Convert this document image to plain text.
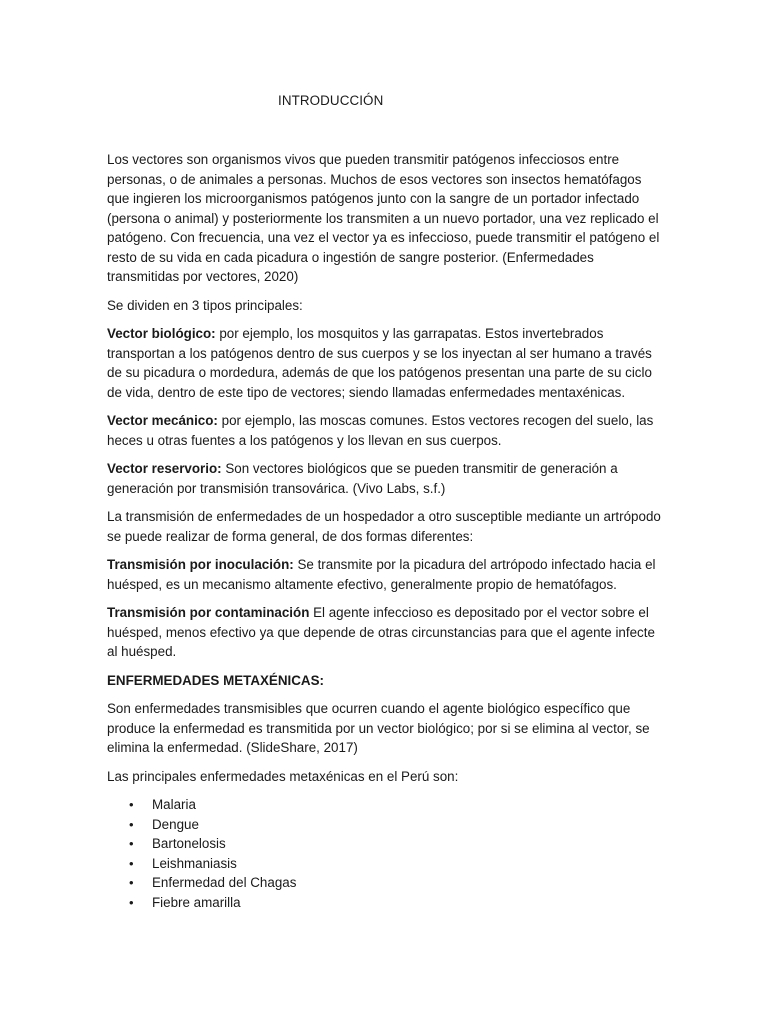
INTRODUCCIÓN

Los vectores son organismos vivos que pueden transmitir patógenos infecciosos entre personas, o de animales a personas. Muchos de esos vectores son insectos hematófagos que ingieren los microorganismos patógenos junto con la sangre de un portador infectado (persona o animal) y posteriormente los transmiten a un nuevo portador, una vez replicado el patógeno. Con frecuencia, una vez el vector ya es infeccioso, puede transmitir el patógeno el resto de su vida en cada picadura o ingestión de sangre posterior. (Enfermedades transmitidas por vectores, 2020)

Se dividen en 3 tipos principales:

Vector biológico: por ejemplo, los mosquitos y las garrapatas. Estos invertebrados transportan a los patógenos dentro de sus cuerpos y se los inyectan al ser humano a través de su picadura o mordedura, además de que los patógenos presentan una parte de su ciclo de vida, dentro de este tipo de vectores; siendo llamadas enfermedades mentaxénicas.

Vector mecánico: por ejemplo, las moscas comunes. Estos vectores recogen del suelo, las heces u otras fuentes a los patógenos y los llevan en sus cuerpos.

Vector reservorio: Son vectores biológicos que se pueden transmitir de generación a generación por transmisión transovárica. (Vivo Labs, s.f.)

La transmisión de enfermedades de un hospedador a otro susceptible mediante un artrópodo se puede realizar de forma general, de dos formas diferentes:

Transmisión por inoculación: Se transmite por la picadura del artrópodo infectado hacia el huésped, es un mecanismo altamente efectivo, generalmente propio de hematófagos.

Transmisión por contaminación El agente infeccioso es depositado por el vector sobre el huésped, menos efectivo ya que depende de otras circunstancias para que el agente infecte al huésped.

ENFERMEDADES METAXÉNICAS:

Son enfermedades transmisibles que ocurren cuando el agente biológico específico que produce la enfermedad es transmitida por un vector biológico; por si se elimina al vector, se elimina la enfermedad. (SlideShare, 2017)

Las principales enfermedades metaxénicas en el Perú son:

• Malaria
• Dengue
• Bartonelosis
• Leishmaniasis
• Enfermedad del Chagas
• Fiebre amarilla
